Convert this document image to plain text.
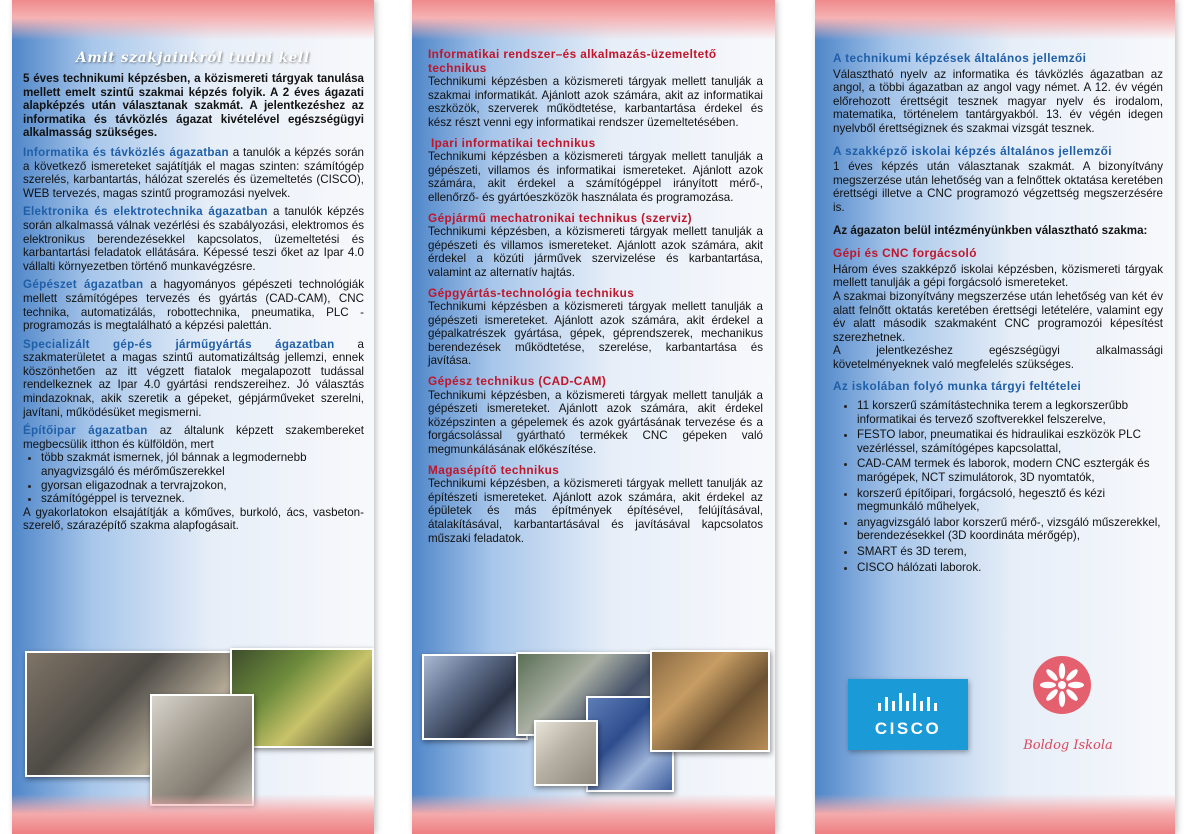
Amit szakjainkról tudni kell

5 éves technikumi képzésben, a közismereti tárgyak tanulása mellett emelt szintű szakmai képzés folyik. A 2 éves ágazati alapképzés után választanak szakmát. A jelentkezéshez az informatika és távközlés ágazat kivételével egészségügyi alkalmasság szükséges.

Informatika és távközlés ágazatban a tanulók a képzés során a következő ismereteket sajátítják el magas szinten: számítógép szerelés, karbantartás, hálózat szerelés és üzemeltetés (CISCO), WEB tervezés, magas szintű programozási nyelvek.

Elektronika és elektrotechnika ágazatban a tanulók képzés során alkalmassá válnak vezérlési és szabályozási, elektromos és elektronikus berendezésekkel kapcsolatos, üzemeltetési és karbantartási feladatok ellátására. Képessé teszi őket az Ipar 4.0 vállalti környezetben történő munkavégzésre.

Gépészet ágazatban a hagyományos gépészeti technológiák mellett számítógépes tervezés és gyártás (CAD-CAM), CNC technika, automatizálás, robottechnika, pneumatika, PLC -programozás is megtalálható a képzési palettán.

Specializált gép-és járműgyártás ágazatban a szakmaterületet a magas szintű automatizáltság jellemzi, ennek köszönhetően az itt végzett fiatalok megalapozott tudással rendelkeznek az Ipar 4.0 gyártási rendszereihez. Jó választás mindazoknak, akik szeretik a gépeket, gépjárműveket szerelni, javítani, működésüket megismerni.

Építőipar ágazatban az általunk képzett szakembereket megbecsülik itthon és külföldön, mert

• több szakmát ismernek, jól bánnak a legmodernebb anyagvizsgáló és mérőműszerekkel
• gyorsan eligazodnak a tervrajzokon,
• számítógéppel is terveznek.

A gyakorlatokon elsajátítják a kőműves, burkoló, ács, vasbeton-szerelő, szárazépítő szakma alapfogásait.

Informatikai rendszer–és alkalmazás-üzemeltető technikus

Technikumi képzésben a közismereti tárgyak mellett tanulják a szakmai informatikát. Ajánlott azok számára, akit az informatikai eszközök, szerverek működtetése, karbantartása érdekel és kész részt venni egy informatikai rendszer üzemeltetésében.

Ipari informatikai technikus

Technikumi képzésben a közismereti tárgyak mellett tanulják a gépészeti, villamos és informatikai ismereteket. Ajánlott azok számára, akit érdekel a számítógéppel irányított mérő-, ellenőrző- és gyártóeszközök használata és programozása.

Gépjármű mechatronikai technikus (szerviz)

Technikumi képzésben, a közismereti tárgyak mellett tanulják a gépészeti és villamos ismereteket. Ajánlott azok számára, akit érdekel a közúti járművek szervizelése és karbantartása, valamint az alternatív hajtás.

Gépgyártás-technológia technikus

Technikumi képzésben a közismereti tárgyak mellett tanulják a gépészeti ismereteket. Ajánlott azok számára, akit érdekel a gépalkatrészek gyártása, gépek, géprendszerek, mechanikus berendezések működtetése, szerelése, karbantartása és javítása.

Gépész technikus (CAD-CAM)

Technikumi képzésben, a közismereti tárgyak mellett tanulják a gépészeti ismereteket. Ajánlott azok számára, akit érdekel középszinten a gépelemek és azok gyártásának tervezése és a forgácsolással gyártható termékek CNC gépeken való megmunkálásának előkészítése.

Magasépítő technikus

Technikumi képzésben, a közismereti tárgyak mellett tanulják az építészeti ismereteket. Ajánlott azok számára, akit érdekel az épületek és más építmények építésével, felújításával, átalakításával, karbantartásával és javításával kapcsolatos műszaki feladatok.

A technikumi képzések általános jellemzői

Választható nyelv az informatika és távközlés ágazatban az angol, a többi ágazatban az angol vagy német. A 12. év végén előrehozott érettségit tesznek magyar nyelv és irodalom, matematika, történelem tantárgyakból. 13. év végén idegen nyelvből érettségiznek és szakmai vizsgát tesznek.

A szakképző iskolai képzés általános jellemzői

1 éves képzés után választanak szakmát. A bizonyítvány megszerzése után lehetőség van a felnőttek oktatása keretében érettségi illetve a CNC programozó végzettség megszerzésére is.

Az ágazaton belül intézményünkben választható szakma:

Gépi és CNC forgácsoló

Három éves szakképző iskolai képzésben, közismereti tárgyak mellett tanulják a gépi forgácsoló ismereteket.

A szakmai bizonyítvány megszerzése után lehetőség van két év alatt felnőtt oktatás keretében érettségi letételére, valamint egy év alatt második szakmaként CNC programozói képesítést szerezhetnek.

A jelentkezéshez egészségügyi alkalmassági követelményeknek való megfelelés szükséges.

Az iskolában folyó munka tárgyi feltételei

• 11 korszerű számítástechnika terem a legkorszerűbb informatikai és tervező szoftverekkel felszerelve,
• FESTO labor, pneumatikai és hidraulikai eszközök PLC vezérléssel, számítógépes kapcsolattal,
• CAD-CAM termek és laborok, modern CNC esztergák és marógépek, NCT szimulátorok, 3D nyomtatók,
• korszerű építőipari, forgácsoló, hegesztő és kézi megmunkáló műhelyek,
• anyagvizsgáló labor korszerű mérő-, vizsgáló műszerekkel, berendezésekkel (3D koordináta mérőgép),
• SMART és 3D terem,
• CISCO hálózati laborok.
CISCO
Boldog Iskola
